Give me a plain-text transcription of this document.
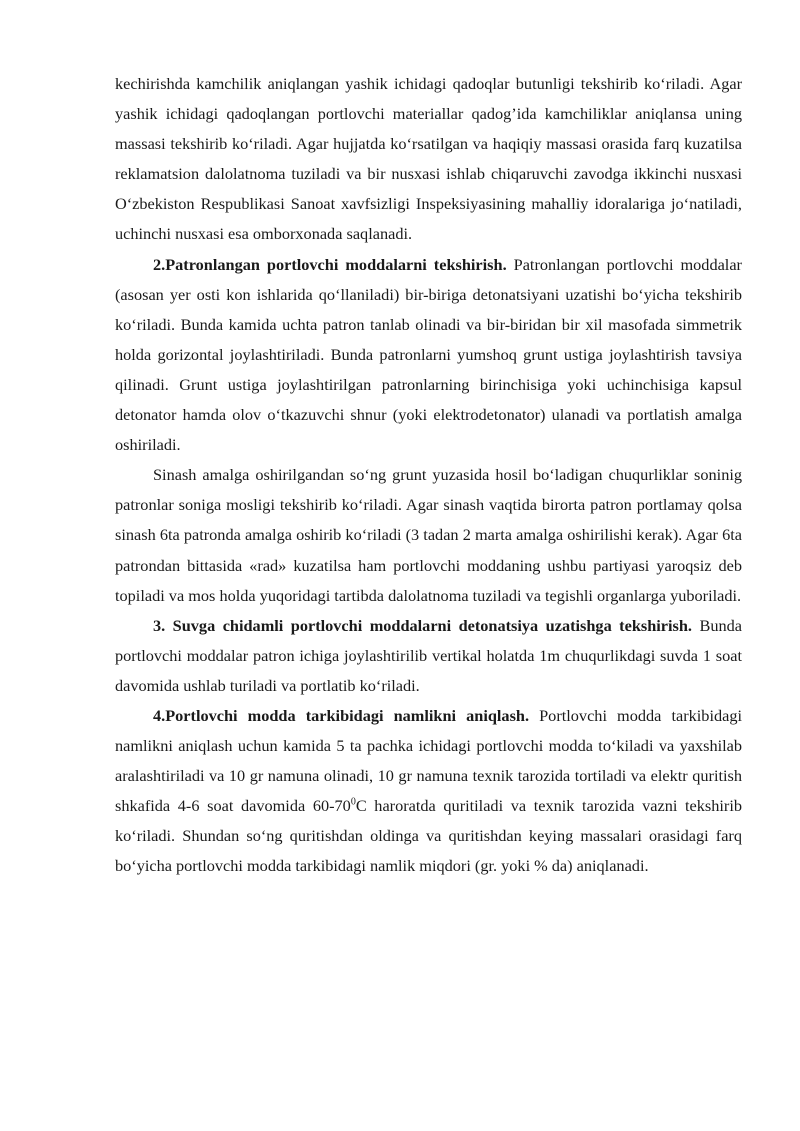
kechirishda kamchilik aniqlangan yashik ichidagi qadoqlar butunligi tekshirib ko‘riladi. Agar yashik ichidagi qadoqlangan portlovchi materiallar qadog’ida kamchiliklar aniqlansa uning massasi tekshirib ko‘riladi. Agar hujjatda ko‘rsatilgan va haqiqiy massasi orasida farq kuzatilsa reklamatsion dalolatnoma tuziladi va bir nusxasi ishlab chiqaruvchi zavodga ikkinchi nusxasi O‘zbekiston Respublikasi Sanoat xavfsizligi Inspeksiyasining mahalliy idoralariga jo‘natiladi, uchinchi nusxasi esa omborxonada saqlanadi.

2.Patronlangan portlovchi moddalarni tekshirish. Patronlangan portlovchi moddalar (asosan yer osti kon ishlarida qo‘llaniladi) bir-biriga detonatsiyani uzatishi bo‘yicha tekshirib ko‘riladi. Bunda kamida uchta patron tanlab olinadi va bir-biridan bir xil masofada simmetrik holda gorizontal joylashtiriladi. Bunda patronlarni yumshoq grunt ustiga joylashtirish tavsiya qilinadi. Grunt ustiga joylashtirilgan patronlarning birinchisiga yoki uchinchisiga kapsul detonator hamda olov o‘tkazuvchi shnur (yoki elektrodetonator) ulanadi va portlatish amalga oshiriladi.

Sinash amalga oshirilgandan so‘ng grunt yuzasida hosil bo‘ladigan chuqurliklar soninig patronlar soniga mosligi tekshirib ko‘riladi. Agar sinash vaqtida birorta patron portlamay qolsa sinash 6ta patronda amalga oshirib ko‘riladi (3 tadan 2 marta amalga oshirilishi kerak). Agar 6ta patrondan bittasida «rad» kuzatilsa ham portlovchi moddaning ushbu partiyasi yaroqsiz deb topiladi va mos holda yuqoridagi tartibda dalolatnoma tuziladi va tegishli organlarga yuboriladi.

3. Suvga chidamli portlovchi moddalarni detonatsiya uzatishga tekshirish. Bunda portlovchi moddalar patron ichiga joylashtirilib vertikal holatda 1m chuqurlikdagi suvda 1 soat davomida ushlab turiladi va portlatib ko‘riladi.

4.Portlovchi modda tarkibidagi namlikni aniqlash. Portlovchi modda tarkibidagi namlikni aniqlash uchun kamida 5 ta pachka ichidagi portlovchi modda to‘kiladi va yaxshilab aralashtiriladi va 10 gr namuna olinadi, 10 gr namuna texnik tarozida tortiladi va elektr quritish shkafida 4-6 soat davomida $60-70^0C$ haroratda quritiladi va texnik tarozida vazni tekshirib ko‘riladi. Shundan so‘ng quritishdan oldinga va quritishdan keying massalari orasidagi farq bo‘yicha portlovchi modda tarkibidagi namlik miqdori (gr. yoki % da) aniqlanadi.
